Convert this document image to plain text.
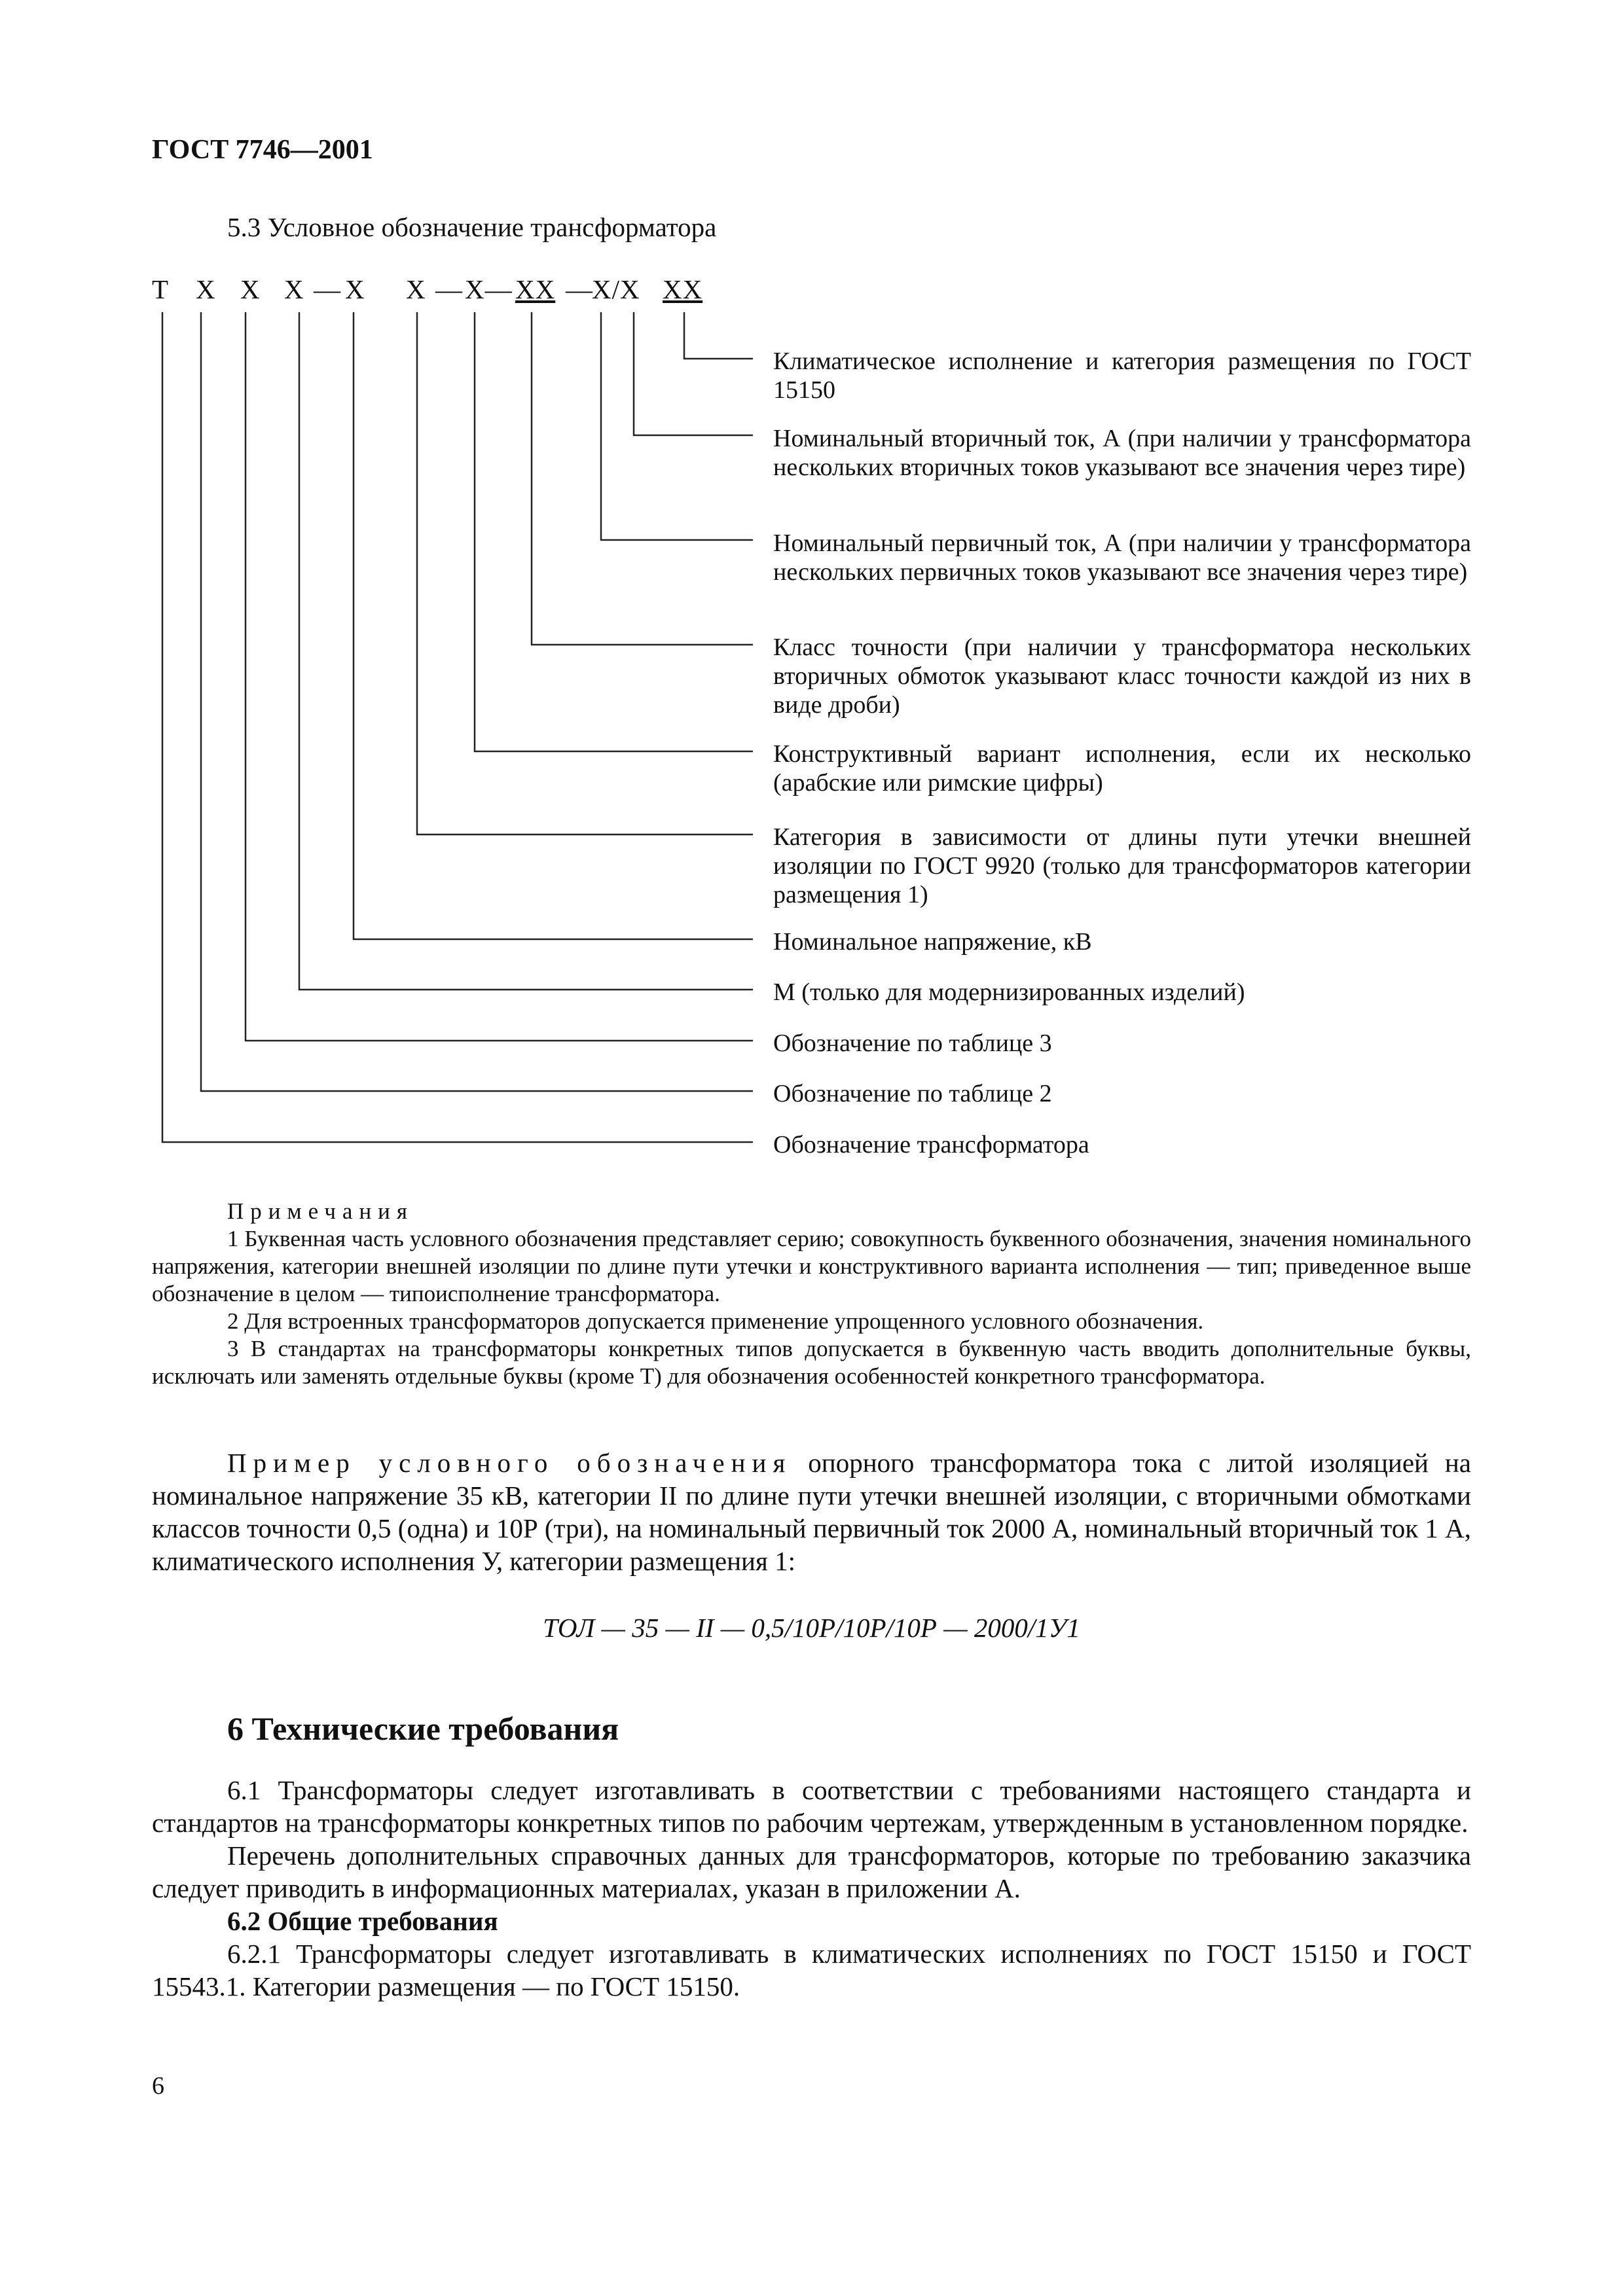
ГОСТ 7746—2001
5.3 Условное обозначение трансформатора
Т Х Х Х — Х Х — Х— ХХ —
Х/Х ХХ
Климатическое исполнение и категория размещения по ГОСТ 15150
Номинальный вторичный ток, А (при наличии у трансформатора нескольких вторичных токов указывают все значения через тире)
Номинальный первичный ток, А (при наличии у трансформатора нескольких первичных токов указывают все значения через тире)
Класс точности (при наличии у трансформатора нескольких вторичных обмоток указывают класс точности каждой из них в виде дроби)
Конструктивный вариант исполнения, если их несколько (арабские или римские цифры)
Категория в зависимости от длины пути утечки внешней изоляции по ГОСТ 9920 (только для трансформаторов категории размещения 1)
Номинальное напряжение, кВ
М (только для модернизированных изделий)
Обозначение по таблице 3
Обозначение по таблице 2
Обозначение трансформатора

Примечания

1 Буквенная часть условного обозначения представляет серию; совокупность буквенного обозначения, значения номинального напряжения, категории внешней изоляции по длине пути утечки и конструктивного варианта исполнения — тип; приведенное выше обозначение в целом — типоисполнение трансформатора.

2 Для встроенных трансформаторов допускается применение упрощенного условного обозначения.

3 В стандартах на трансформаторы конкретных типов допускается в буквенную часть вводить дополнительные буквы, исключать или заменять отдельные буквы (кроме Т) для обозначения особенностей конкретного трансформатора.

Пример условного обозначения опорного трансформатора тока с литой изоляцией на номинальное напряжение 35 кВ, категории II по длине пути утечки внешней изоляции, с вторичными обмотками классов точности 0,5 (одна) и 10Р (три), на номинальный первичный ток 2000 А, номинальный вторичный ток 1 А, климатического исполнения У, категории размещения 1:

ТОЛ — 35 — II — 0,5/10Р/10Р/10Р — 2000/1У1
6 Технические требования

6.1 Трансформаторы следует изготавливать в соответствии с требованиями настоящего стандарта и стандартов на трансформаторы конкретных типов по рабочим чертежам, утвержденным в установленном порядке.

Перечень дополнительных справочных данных для трансформаторов, которые по требованию заказчика следует приводить в информационных материалах, указан в приложении А.

6.2 Общие требования

6.2.1 Трансформаторы следует изготавливать в климатических исполнениях по ГОСТ 15150 и ГОСТ 15543.1. Категории размещения — по ГОСТ 15150.

6
